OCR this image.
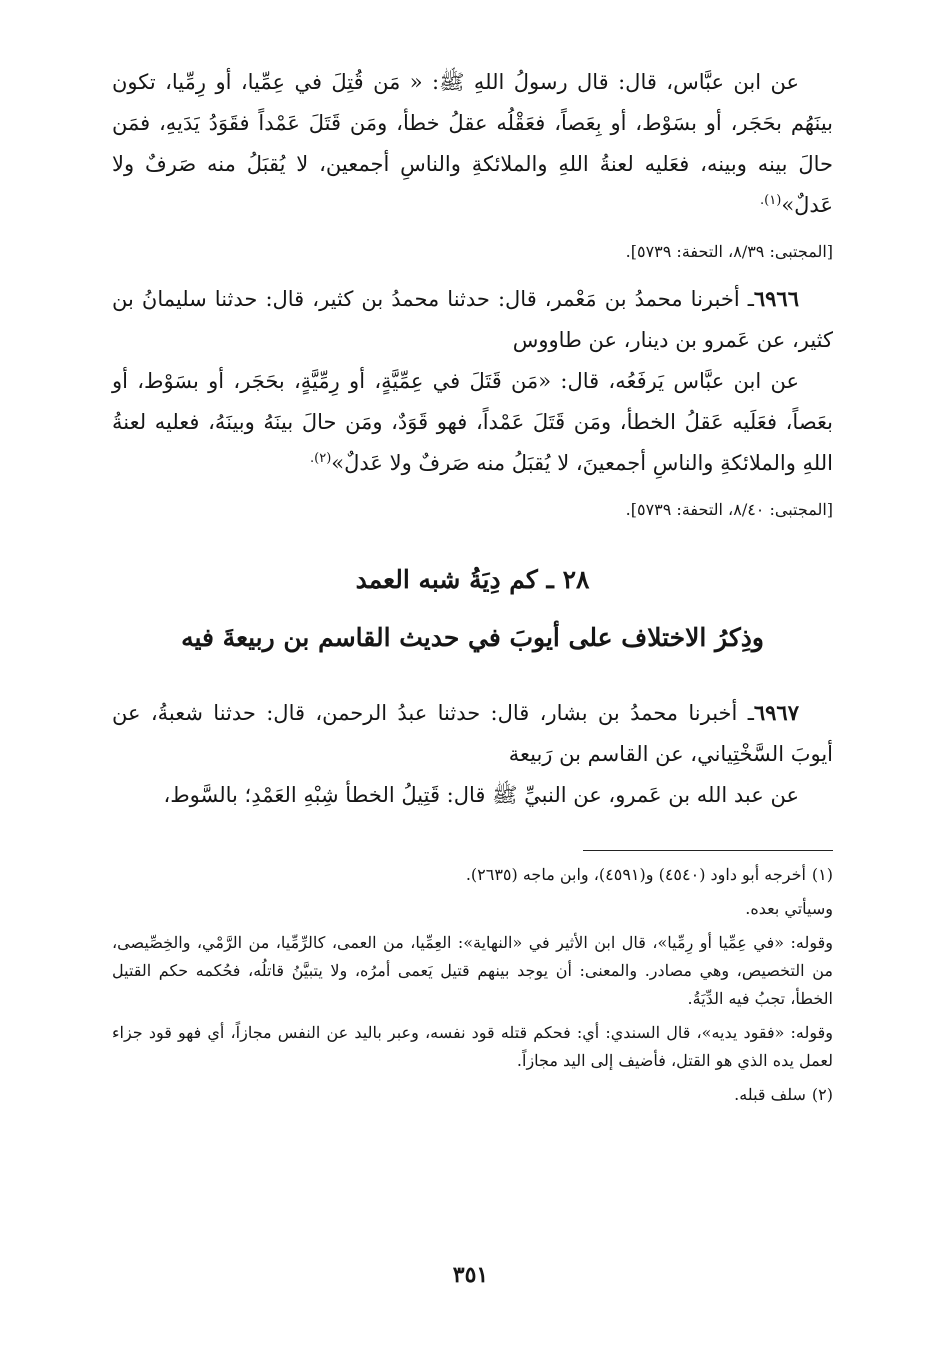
عن ابن عبَّاس، قال: قال رسولُ اللهِ ﷺ: « مَن قُتِلَ في عِمِّيا، أو رِمِّيا، تكون بينَهُم بحَجَر، أو بسَوْط، أو بِعَصاً، فعَقْلُه عقلُ خطأ، ومَن قَتَلَ عَمْداً فقَوَدُ يَدَيهِ، فمَن حالَ بينه وبينه، فعَليه لعنةُ اللهِ والملائكةِ والناسِ أجمعين، لا يُقبَلُ منه صَرفٌ ولا عَدلٌ»$^{(١).}$

[المجتبى: ٨/٣٩، التحفة: ٥٧٣٩].

٦٩٦٦ـ أخبرنا محمدُ بن مَعْمر، قال: حدثنا محمدُ بن كثير، قال: حدثنا سليمانُ بن كثير، عن عَمرو بن دينار، عن طاووس

عن ابن عبَّاس يَرفَعُه، قال: «مَن قَتَلَ في عِمِّيَّةٍ، أو رِمِّيَّةٍ، بحَجَر، أو بسَوْط، أو بعَصاً، فعَلَيه عَقلُ الخطأ، ومَن قَتَلَ عَمْداً، فهو قَوَدٌ، ومَن حالَ بينَهُ وبينَهُ، فعليه لعنةُ اللهِ والملائكةِ والناسِ أجمعينَ، لا يُقبَلُ منه صَرفٌ ولا عَدلٌ»$^{(٢).}$

[المجتبى: ٨/٤٠، التحفة: ٥٧٣٩].

٢٨ ـ كم دِيَةُ شبه العمد
وذِكرُ الاختلاف على أيوبَ في حديث القاسم بن ربيعةَ فيه

٦٩٦٧ـ أخبرنا محمدُ بن بشار، قال: حدثنا عبدُ الرحمن، قال: حدثنا شعبةُ، عن أيوبَ السَّخْتِياني، عن القاسم بن رَبيعة

عن عبد الله بن عَمرو، عن النبيِّ ﷺ قال: قَتِيلُ الخطأ شِبْهِ العَمْدِ؛ بالسَّوط،

(١)أخرجه أبو داود (٤٥٤٠) و(٤٥٩١)، وابن ماجه (٢٦٣٥).

وسيأتي بعده.

وقوله: «في عِمِّيا أو رِمِّيا»، قال ابن الأثير في «النهاية»: العِمِّيا، من العمى، كالرِّمِّيا، من الرَّمْي، والخِصِّيصى، من التخصيص، وهي مصادر. والمعنى: أن يوجد بينهم قتيل يَعمى أمرُه، ولا يتبيَّنُ قاتلُه، فحُكمه حكم القتيل الخطأ، تجبُ فيه الدِّيَةُ.

وقوله: «فقود يديه»، قال السندي: أي: فحكم قتله قود نفسه، وعبر باليد عن النفس مجازاً، أي فهو قود جزاء لعمل يده الذي هو القتل، فأضيف إلى اليد مجازاً.

(٢)سلف قبله.

٣٥١
